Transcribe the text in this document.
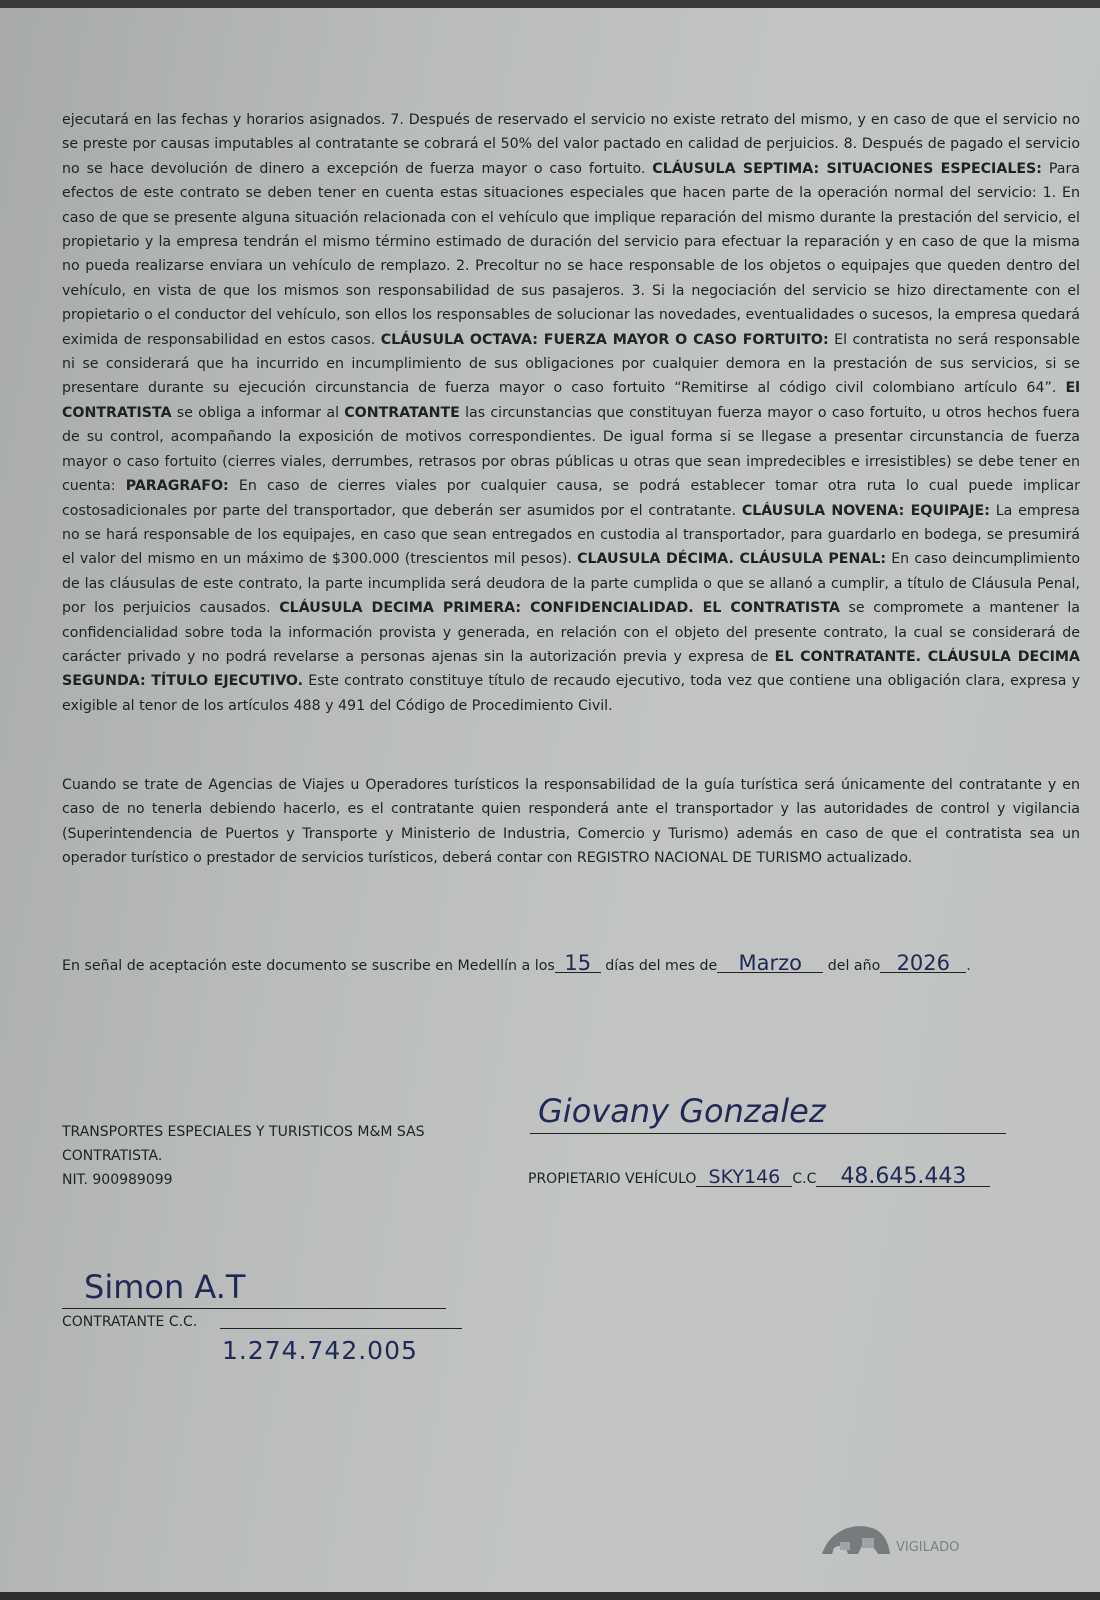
ejecutará en las fechas y horarios asignados. 7. Después de reservado el servicio no existe retrato del mismo, y en caso de que el servicio no se preste por causas imputables al contratante se cobrará el 50% del valor pactado en calidad de perjuicios. 8. Después de pagado el servicio no se hace devolución de dinero a excepción de fuerza mayor o caso fortuito. CLÁUSULA SEPTIMA: SITUACIONES ESPECIALES: Para efectos de este contrato se deben tener en cuenta estas situaciones especiales que hacen parte de la operación normal del servicio: 1. En caso de que se presente alguna situación relacionada con el vehículo que implique reparación del mismo durante la prestación del servicio, el propietario y la empresa tendrán el mismo término estimado de duración del servicio para efectuar la reparación y en caso de que la misma no pueda realizarse enviara un vehículo de remplazo. 2. Precoltur no se hace responsable de los objetos o equipajes que queden dentro del vehículo, en vista de que los mismos son responsabilidad de sus pasajeros. 3. Si la negociación del servicio se hizo directamente con el propietario o el conductor del vehículo, son ellos los responsables de solucionar las novedades, eventualidades o sucesos, la empresa quedará eximida de responsabilidad en estos casos. CLÁUSULA OCTAVA: FUERZA MAYOR O CASO FORTUITO: El contratista no será responsable ni se considerará que ha incurrido en incumplimiento de sus obligaciones por cualquier demora en la prestación de sus servicios, si se presentare durante su ejecución circunstancia de fuerza mayor o caso fortuito “Remitirse al código civil colombiano artículo 64”. El CONTRATISTA se obliga a informar al CONTRATANTE las circunstancias que constituyan fuerza mayor o caso fortuito, u otros hechos fuera de su control, acompañando la exposición de motivos correspondientes. De igual forma si se llegase a presentar circunstancia de fuerza mayor o caso fortuito (cierres viales, derrumbes, retrasos por obras públicas u otras que sean impredecibles e irresistibles) se debe tener en cuenta: PARAGRAFO: En caso de cierres viales por cualquier causa, se podrá establecer tomar otra ruta lo cual puede implicar costosadicionales por parte del transportador, que deberán ser asumidos por el contratante. CLÁUSULA NOVENA: EQUIPAJE: La empresa no se hará responsable de los equipajes, en caso que sean entregados en custodia al transportador, para guardarlo en bodega, se presumirá el valor del mismo en un máximo de $300.000 (trescientos mil pesos). CLAUSULA DÉCIMA. CLÁUSULA PENAL: En caso deincumplimiento de las cláusulas de este contrato, la parte incumplida será deudora de la parte cumplida o que se allanó a cumplir, a título de Cláusula Penal, por los perjuicios causados. CLÁUSULA DECIMA PRIMERA: CONFIDENCIALIDAD. EL CONTRATISTA se compromete a mantener la confidencialidad sobre toda la información provista y generada, en relación con el objeto del presente contrato, la cual se considerará de carácter privado y no podrá revelarse a personas ajenas sin la autorización previa y expresa de EL CONTRATANTE. CLÁUSULA DECIMA SEGUNDA: TÍTULO EJECUTIVO. Este contrato constituye título de recaudo ejecutivo, toda vez que contiene una obligación clara, expresa y exigible al tenor de los artículos 488 y 491 del Código de Procedimiento Civil.

Cuando se trate de Agencias de Viajes u Operadores turísticos la responsabilidad de la guía turística será únicamente del contratante y en caso de no tenerla debiendo hacerlo, es el contratante quien responderá ante el transportador y las autoridades de control y vigilancia (Superintendencia de Puertos y Transporte y Ministerio de Industria, Comercio y Turismo) además en caso de que el contratista sea un operador turístico o prestador de servicios turísticos, deberá contar con REGISTRO NACIONAL DE TURISMO actualizado.

En señal de aceptación este documento se suscribe en Medellín a los 15 días del mes de Marzo del año 2026 .
TRANSPORTES ESPECIALES Y TURISTICOS M&M SAS
CONTRATISTA.
NIT. 900989099
Giovany Gonzalez
PROPIETARIO VEHÍCULO SKY146 C.C 48.645.443
Simon A.T
CONTRATANTE C.C.
1.274.742.005
VIGILADO
